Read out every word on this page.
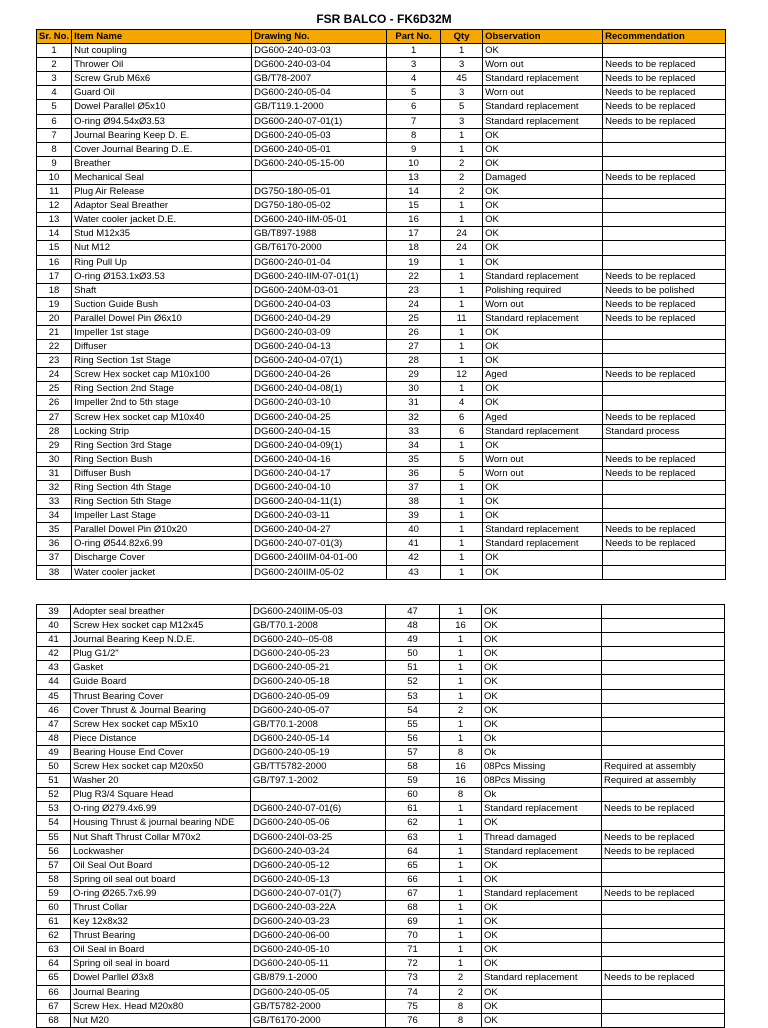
FSR BALCO - FK6D32M
Sr. No.	Item Name	Drawing No.	Part No.	Qty	Observation	Recommendation
1	Nut coupling	DG600-240-03-03	1	1	OK	
2	Thrower Oil	DG600-240-03-04	3	3	Worn out	Needs to be replaced
3	Screw Grub M6x6	GB/T78-2007	4	45	Standard replacement	Needs to be replaced
4	Guard Oil	DG600-240-05-04	5	3	Worn out	Needs to be replaced
5	Dowel Parallel Ø5x10	GB/T119.1-2000	6	5	Standard replacement	Needs to be replaced
6	O-ring Ø94.54xØ3.53	DG600-240-07-01(1)	7	3	Standard replacement	Needs to be replaced
7	Journal Bearing Keep D. E.	DG600-240-05-03	8	1	OK	
8	Cover Journal Bearing D..E.	DG600-240-05-01	9	1	OK	
9	Breather	DG600-240-05-15-00	10	2	OK	
10	Mechanical Seal		13	2	Damaged	Needs to be replaced
11	Plug Air Release	DG750-180-05-01	14	2	OK	
12	Adaptor Seal Breather	DG750-180-05-02	15	1	OK	
13	Water cooler jacket D.E.	DG600-240-IIM-05-01	16	1	OK	
14	Stud M12x35	GB/T897-1988	17	24	OK	
15	Nut M12	GB/T6170-2000	18	24	OK	
16	Ring Pull Up	DG600-240-01-04	19	1	OK	
17	O-ring Ø153.1xØ3.53	DG600-240-IIM-07-01(1)	22	1	Standard replacement	Needs to be replaced
18	Shaft	DG600-240M-03-01	23	1	Polishing required	Needs to be polished
19	Suction Guide Bush	DG600-240-04-03	24	1	Worn out	Needs to be replaced
20	Parallel Dowel Pin Ø6x10	DG600-240-04-29	25	11	Standard replacement	Needs to be replaced
21	Impeller 1st stage	DG600-240-03-09	26	1	OK	
22	Diffuser	DG600-240-04-13	27	1	OK	
23	Ring Section 1st Stage	DG600-240-04-07(1)	28	1	OK	
24	Screw Hex socket cap M10x100	DG600-240-04-26	29	12	Aged	Needs to be replaced
25	Ring Section 2nd Stage	DG600-240-04-08(1)	30	1	OK	
26	Impeller 2nd to 5th stage	DG600-240-03-10	31	4	OK	
27	Screw Hex socket cap M10x40	DG600-240-04-25	32	6	Aged	Needs to be replaced
28	Locking Strip	DG600-240-04-15	33	6	Standard replacement	Standard process
29	Ring Section 3rd Stage	DG600-240-04-09(1)	34	1	OK	
30	Ring Section Bush	DG600-240-04-16	35	5	Worn out	Needs to be replaced
31	Diffuser Bush	DG600-240-04-17	36	5	Worn out	Needs to be replaced
32	Ring Section 4th Stage	DG600-240-04-10	37	1	OK	
33	Ring Section 5th Stage	DG600-240-04-11(1)	38	1	OK	
34	Impeller Last Stage	DG600-240-03-11	39	1	OK	
35	Parallel Dowel Pin Ø10x20	DG600-240-04-27	40	1	Standard replacement	Needs to be replaced
36	O-ring Ø544.82x6.99	DG600-240-07-01(3)	41	1	Standard replacement	Needs to be replaced
37	Discharge Cover	DG600-240IIM-04-01-00	42	1	OK	
38	Water cooler jacket	DG600-240IIM-05-02	43	1	OK	
39	Adopter seal breather	DG600-240IIM-05-03	47	1	OK	
40	Screw Hex socket cap M12x45	GB/T70.1-2008	48	16	OK	
41	Journal Bearing Keep N.D.E.	DG600-240--05-08	49	1	OK	
42	Plug G1/2"	DG600-240-05-23	50	1	OK	
43	Gasket	DG600-240-05-21	51	1	OK	
44	Guide Board	DG600-240-05-18	52	1	OK	
45	Thrust Bearing Cover	DG600-240-05-09	53	1	OK	
46	Cover Thrust & Journal Bearing	DG600-240-05-07	54	2	OK	
47	Screw Hex socket cap M5x10	GB/T70.1-2008	55	1	OK	
48	Piece Distance	DG600-240-05-14	56	1	Ok	
49	Bearing House End Cover	DG600-240-05-19	57	8	Ok	
50	Screw Hex socket cap M20x50	GB/TT5782-2000	58	16	08Pcs Missing	Required at assembly
51	Washer 20	GB/T97.1-2002	59	16	08Pcs Missing	Required at assembly
52	Plug R3/4 Square Head		60	8	Ok	
53	O-ring Ø279.4x6.99	DG600-240-07-01(6)	61	1	Standard replacement	Needs to be replaced
54	Housing Thrust & journal bearing NDE	DG600-240-05-06	62	1	OK	
55	Nut Shaft Thrust Collar M70x2	DG600-240I-03-25	63	1	Thread damaged	Needs to be replaced
56	Lockwasher	DG600-240-03-24	64	1	Standard replacement	Needs to be replaced
57	Oil Seal Out Board	DG600-240-05-12	65	1	OK	
58	Spring oil seal out board	DG600-240-05-13	66	1	OK	
59	O-ring Ø265.7x6.99	DG600-240-07-01(7)	67	1	Standard replacement	Needs to be replaced
60	Thrust Collar	DG600-240-03-22A	68	1	OK	
61	Key 12x8x32	DG600-240-03-23	69	1	OK	
62	Thrust Bearing	DG600-240-06-00	70	1	OK	
63	Oil Seal in Board	DG600-240-05-10	71	1	OK	
64	Spring oil seal in board	DG600-240-05-11	72	1	OK	
65	Dowel Parllel Ø3x8	GB/879.1-2000	73	2	Standard replacement	Needs to be replaced
66	Journal Bearing	DG600-240-05-05	74	2	OK	
67	Screw Hex. Head M20x80	GB/T5782-2000	75	8	OK	
68	Nut M20	GB/T6170-2000	76	8	OK	
